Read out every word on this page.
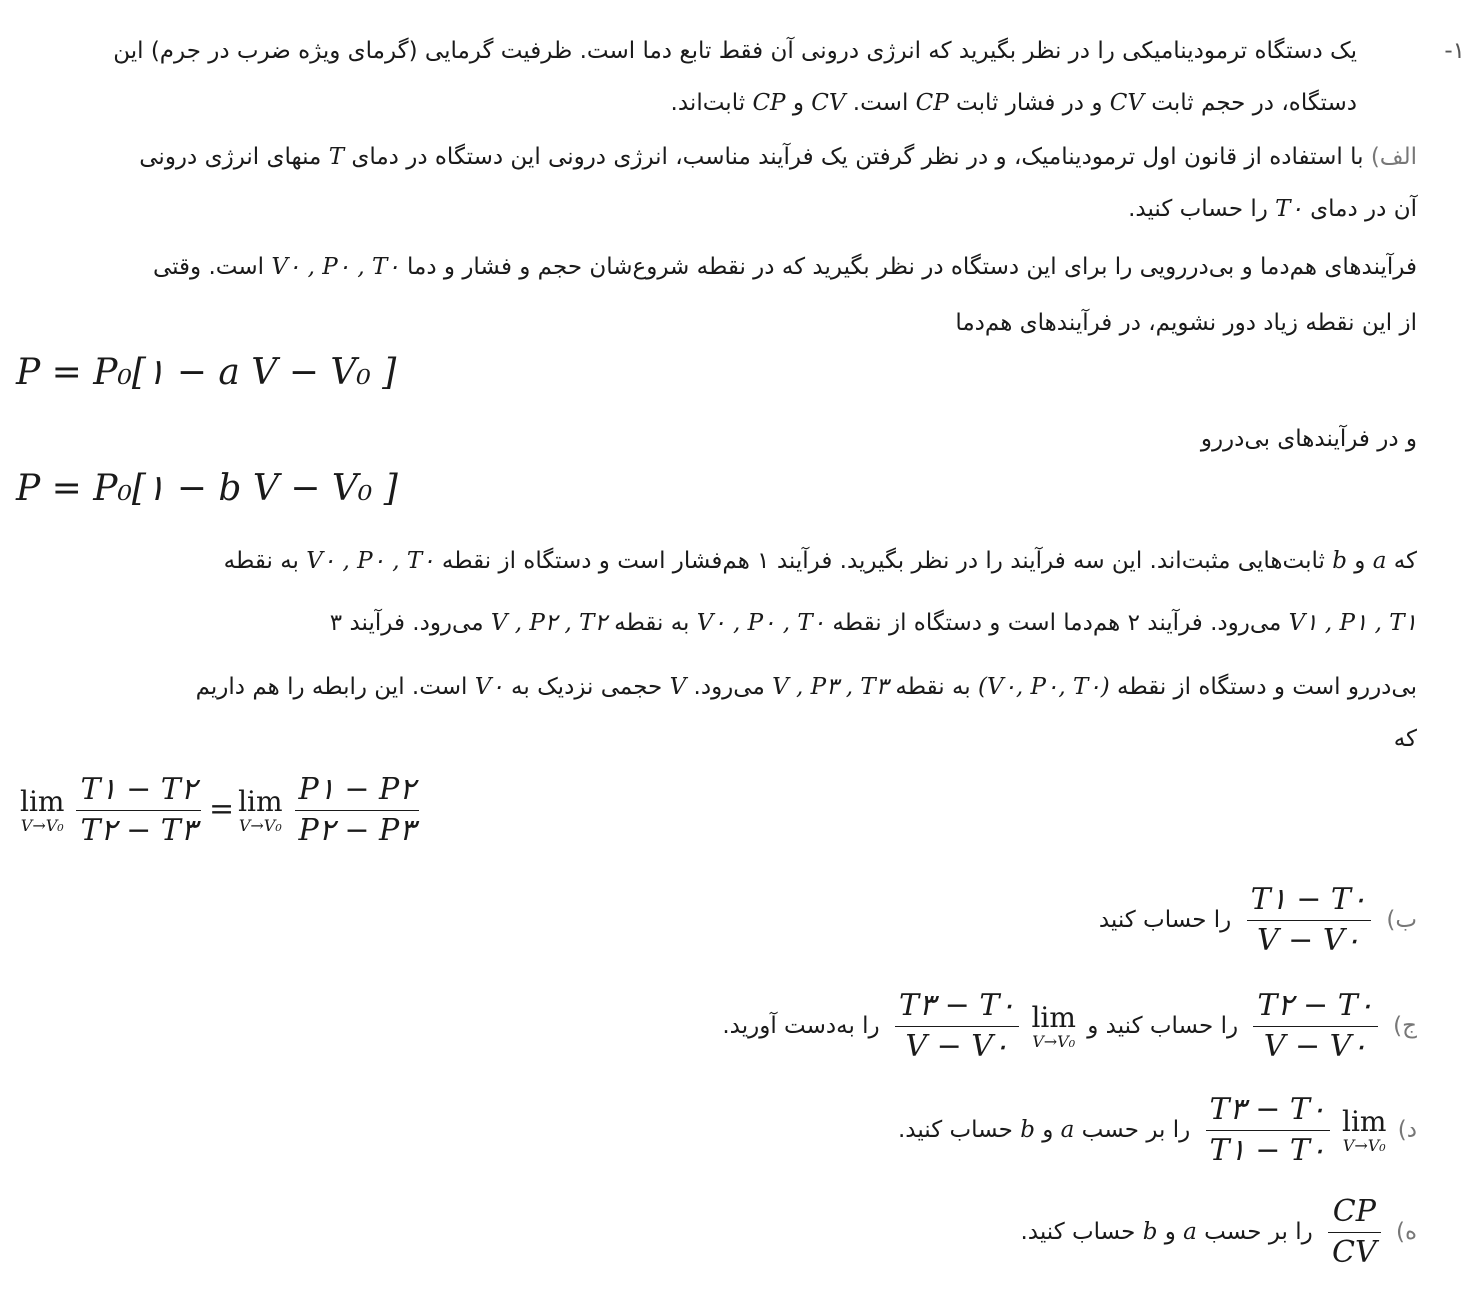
۱-
یک دستگاه ترمودینامیکی را در نظر بگیرید که انرژی درونی آن فقط تابع دما است. ظرفیت گرمایی (گرمای ویژه ضرب در جرم) این
دستگاه، در حجم ثابت CV و در فشار ثابت CP است. CV و CP ثابت‌اند.
الف) با استفاده از قانون اول ترمودینامیک، و در نظر گرفتن یک فرآیند مناسب، انرژی درونی این دستگاه در دمای T منهای انرژی درونی
آن در دمای T۰ را حساب کنید.
فرآیندهای هم‌دما و بی‌دررویی را برای این دستگاه در نظر بگیرید که در نقطه شروع‌شان حجم و فشار و دما V۰ , P۰ , T۰ است. وقتی
از این نقطه زیاد دور نشویم، در فرآیندهای هم‌دما
P = P₀[۱ − a V − V₀ ]
و در فرآیندهای بی‌دررو
P = P₀[۱ − b V − V₀ ]
که a و b ثابت‌هایی مثبت‌اند. این سه فرآیند را در نظر بگیرید. فرآیند ۱ هم‌فشار است و دستگاه از نقطه V۰ , P۰ , T۰ به نقطه
V۱ , P۱ , T۱ می‌رود. فرآیند ۲ هم‌دما است و دستگاه از نقطه V۰ , P۰ , T۰ به نقطه V , P۲ , T۲ می‌رود. فرآیند ۳
بی‌دررو است و دستگاه از نقطه (V۰, P۰, T۰) به نقطه V , P۳ , T۳ می‌رود. V حجمی نزدیک به V۰ است. این رابطه را هم داریم
که
lim
$V\to V_0 \frac{T۱ - T۲}{T۲ - T۳} = \lim$
$V\to V_0 \frac{P۱ - P۲}{P۲ - P۳}$
ب)
$\frac{T۱ - T۰}{V - V۰}$
را حساب کنید
ج)
$\frac{T۲ - T۰}{V - V۰}$
را حساب کنید و
lim
V→V₀
$\frac{T۳ - T۰}{V - V۰}$
را به‌دست آورید.
د)
lim
V→V₀
$\frac{T۳ - T۰}{T۱ - T۰}$
را بر حسب a و b حساب کنید.
ه)
$\frac{CP}{CV}$
را بر حسب a و b حساب کنید.
